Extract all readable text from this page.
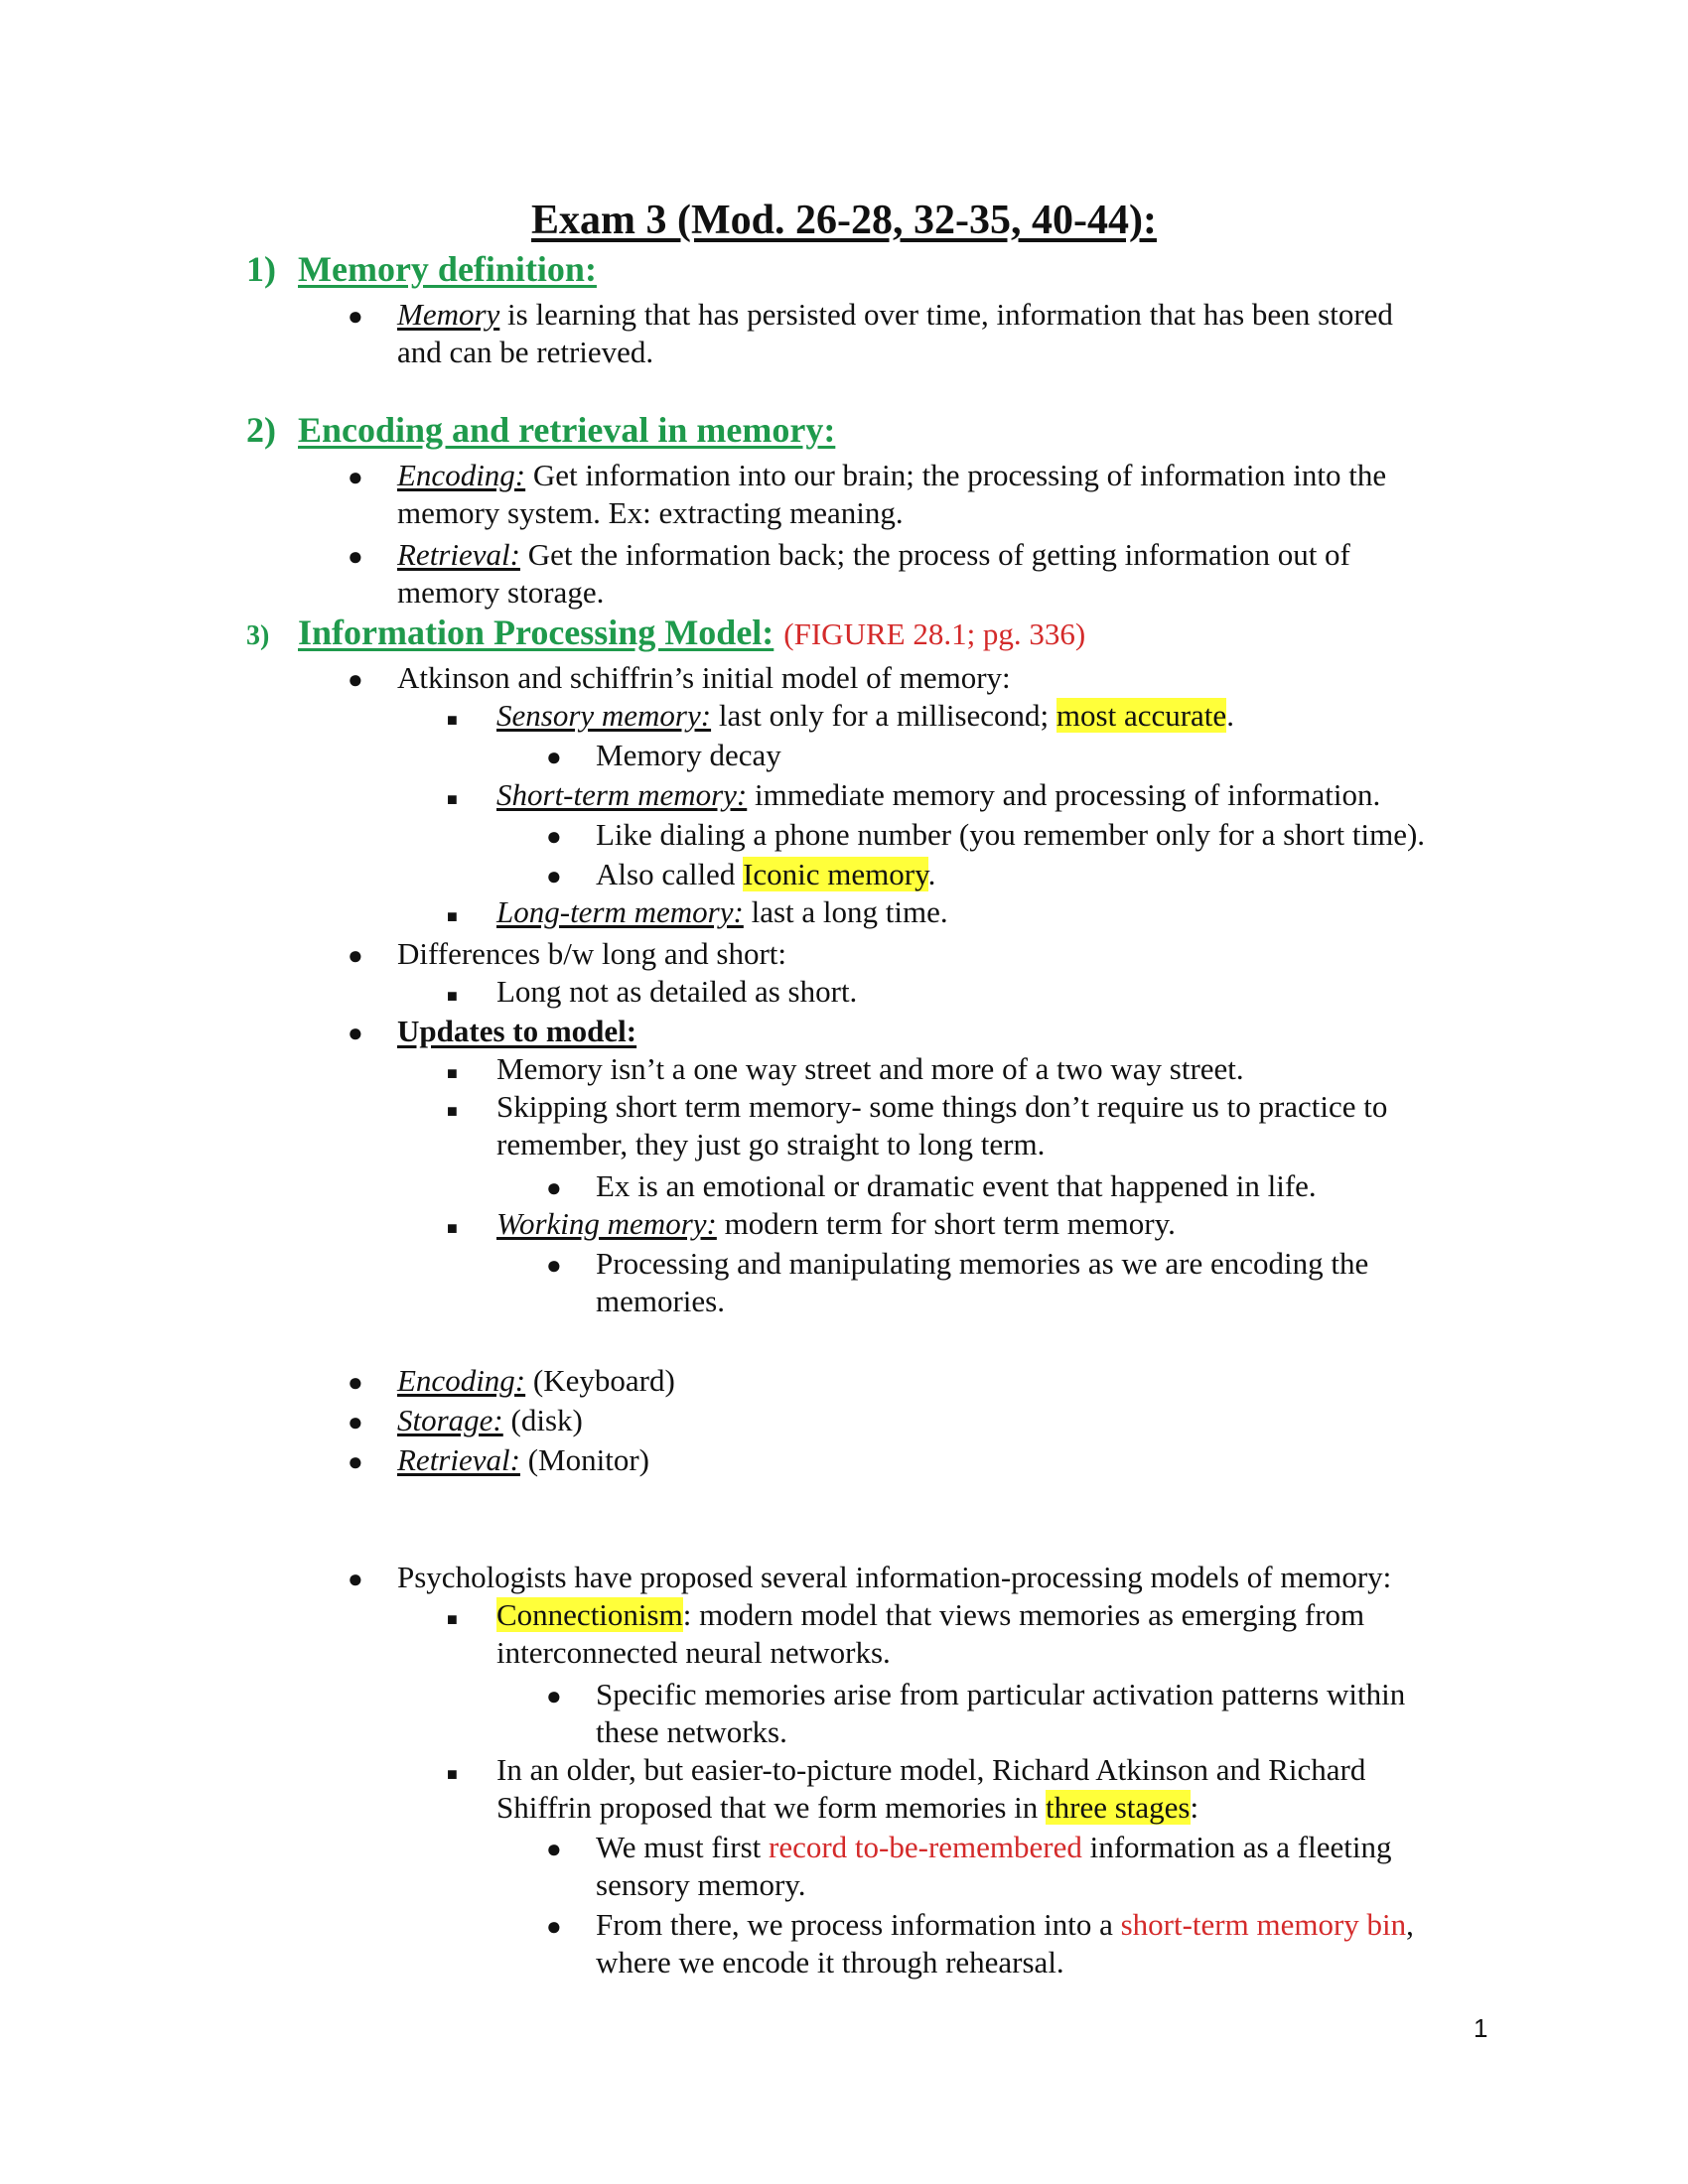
Exam 3 (Mod. 26-28, 32-35, 40-44):
1) Memory definition:
● Memory is learning that has persisted over time, information that has been stored
and can be retrieved.
2) Encoding and retrieval in memory:
● Encoding: Get information into our brain; the processing of information into the
memory system. Ex: extracting meaning.
● Retrieval: Get the information back; the process of getting information out of
memory storage.
3) Information Processing Model: (FIGURE 28.1; pg. 336)
● Atkinson and schiffrin’s initial model of memory:
■ Sensory memory: last only for a millisecond; most accurate.
● Memory decay
■ Short-term memory: immediate memory and processing of information.
● Like dialing a phone number (you remember only for a short time).
● Also called Iconic memory.
■ Long-term memory: last a long time.
● Differences b/w long and short:
■ Long not as detailed as short.
● Updates to model:
■ Memory isn’t a one way street and more of a two way street.
■ Skipping short term memory- some things don’t require us to practice to
remember, they just go straight to long term.
● Ex is an emotional or dramatic event that happened in life.
■ Working memory: modern term for short term memory.
● Processing and manipulating memories as we are encoding the
memories.
● Encoding: (Keyboard)
● Storage: (disk)
● Retrieval: (Monitor)
● Psychologists have proposed several information-processing models of memory:
■ Connectionism: modern model that views memories as emerging from
interconnected neural networks.
● Specific memories arise from particular activation patterns within
these networks.
■ In an older, but easier-to-picture model, Richard Atkinson and Richard
Shiffrin proposed that we form memories in three stages:
● We must first record to-be-remembered information as a fleeting
sensory memory.
● From there, we process information into a short-term memory bin,
where we encode it through rehearsal.
1
